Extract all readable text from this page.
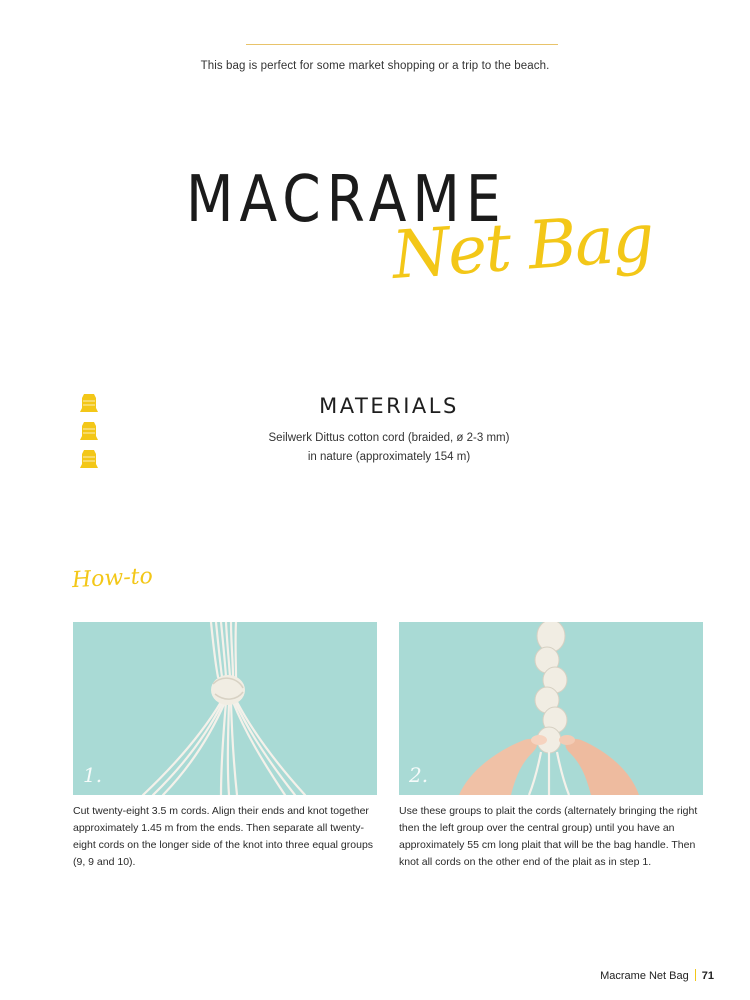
This bag is perfect for some market shopping or a trip to the beach.
MACRAME
Net Bag
MATERIALS
Seilwerk Dittus cotton cord (braided, ø 2-3 mm)
in nature (approximately 154 m)
How-to
1.	2.
Cut twenty-eight 3.5 m cords. Align their ends and knot together approximately 1.45 m from the ends. Then separate all twenty-eight cords on the longer side of the knot into three equal groups (9, 9 and 10).
Use these groups to plait the cords (alternately bringing the right then the left group over the central group) until you have an approximately 55 cm long plait that will be the bag handle. Then knot all cords on the other end of the plait as in step 1.
Macrame Net Bag 71
